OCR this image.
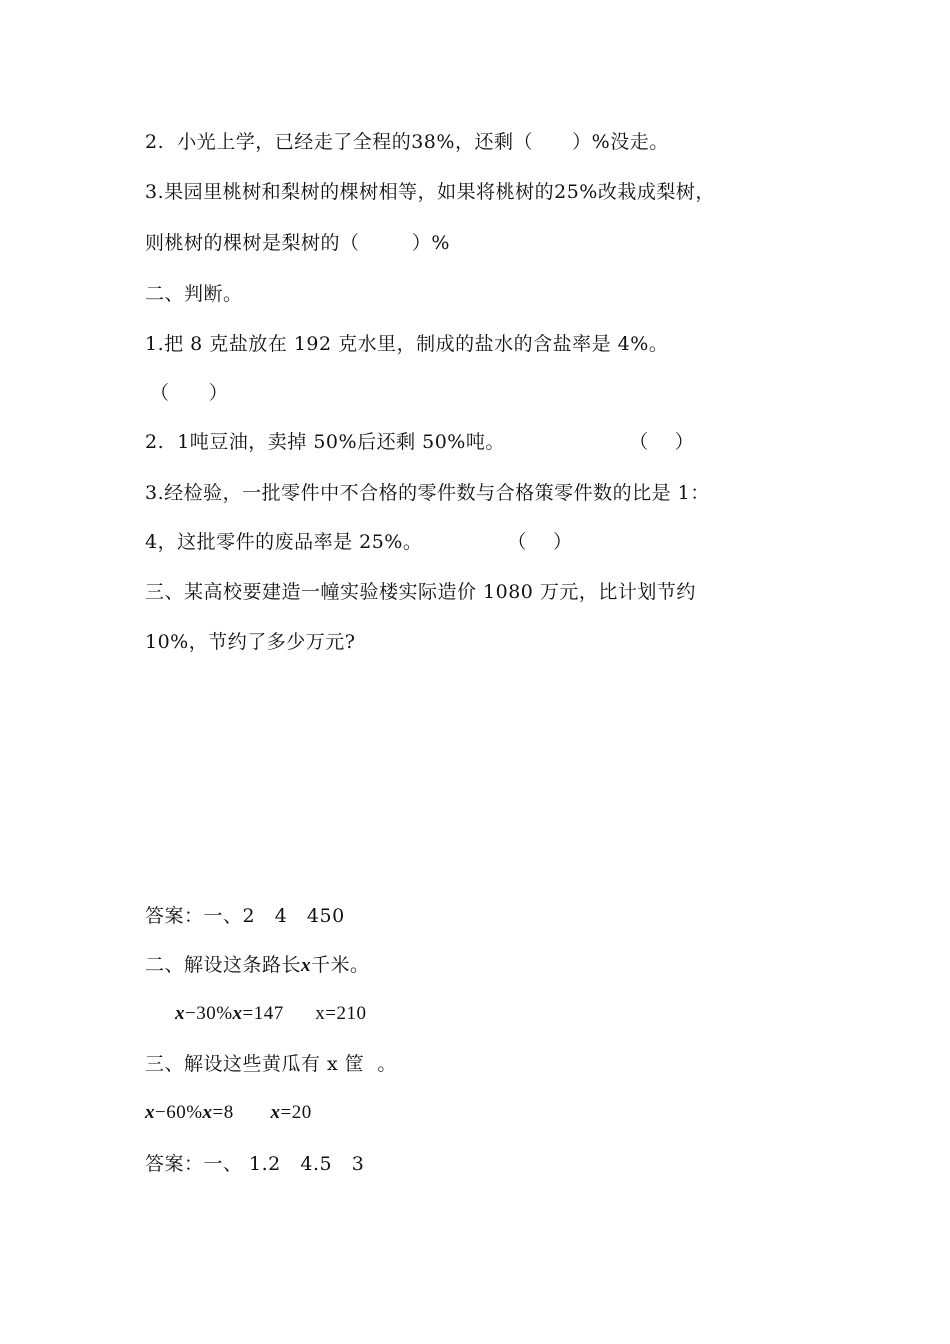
2.  小光上学，已经走了全程的38%，还剩（      ）%没走。
3.果园里桃树和梨树的棵树相等，如果将桃树的25%改栽成梨树，
则桃树的棵树是梨树的（        ）%
二、判断。
1.把 8 克盐放在 192 克水里，制成的盐水的含盐率是 4%。
（      ）
2.  1吨豆油，卖掉 50%后还剩 50%吨。                   （    ）
3.经检验，一批零件中不合格的零件数与合格策零件数的比是 1：
4，这批零件的废品率是 25%。             （    ）
三、某高校要建造一幢实验楼实际造价 1080 万元，比计划节约
10%，节约了多少万元?
答案：一、2   4   450
二、解设这条路长x千米。
x−30%x=147      x=210
三、解设这些黄瓜有 x 筐  。
x−60%x=8       x=20
答案：一、 1.2   4.5   3
